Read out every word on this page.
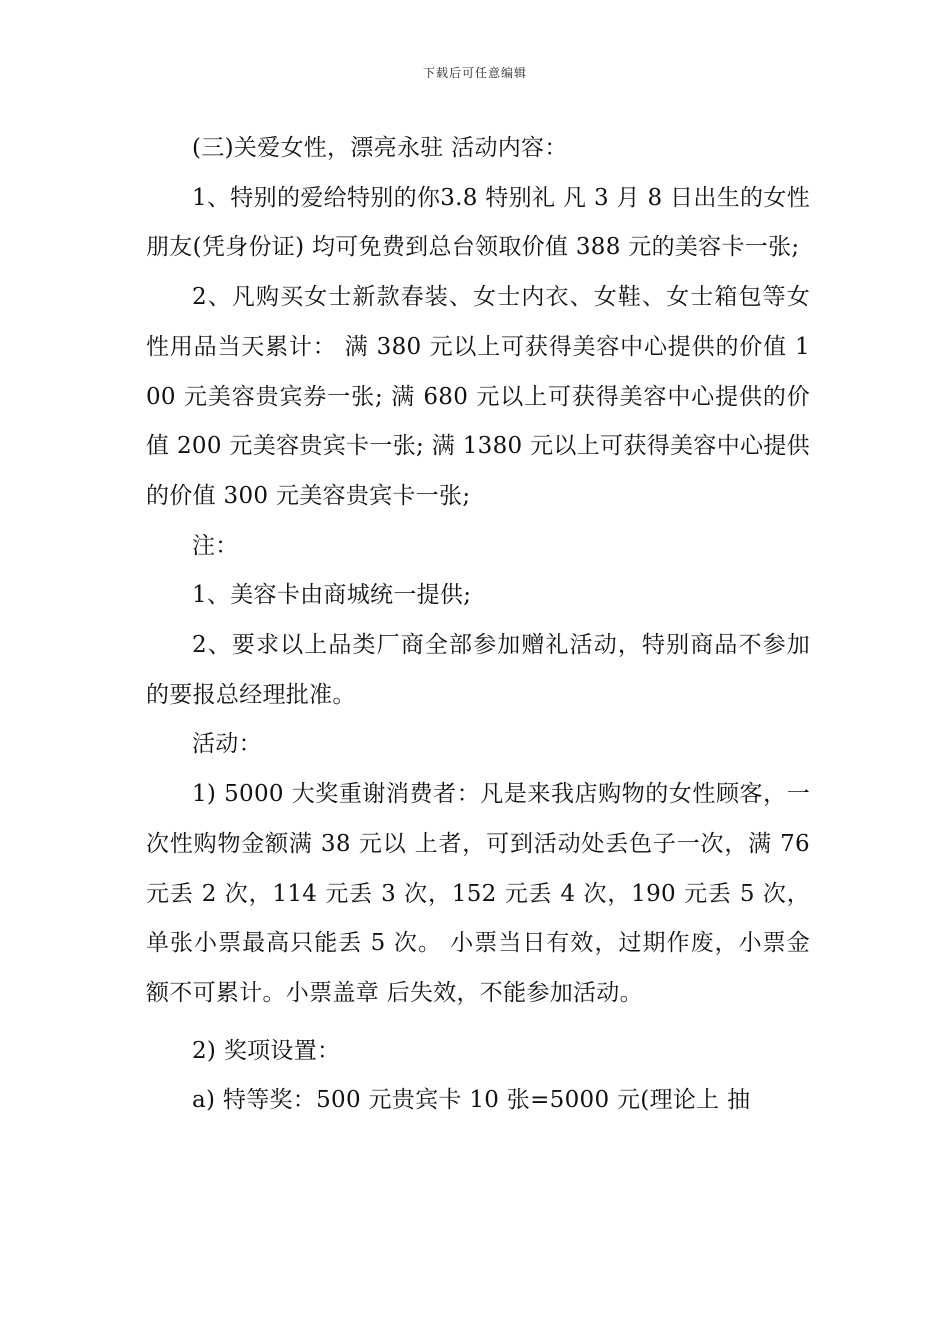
下载后可任意编辑

(三)关爱女性，漂亮永驻 活动内容：

1、特别的爱给特别的你3.8 特别礼 凡 3 月 8 日出生的女性朋友(凭身份证) 均可免费到总台领取价值 388 元的美容卡一张;

2、凡购买女士新款春装、女士内衣、女鞋、女士箱包等女性用品当天累计： 满 380 元以上可获得美容中心提供的价值 100 元美容贵宾券一张; 满 680 元以上可获得美容中心提供的价值 200 元美容贵宾卡一张; 满 1380 元以上可获得美容中心提供的价值 300 元美容贵宾卡一张;

注：

1、美容卡由商城统一提供;

2、要求以上品类厂商全部参加赠礼活动，特别商品不参加的要报总经理批准。

活动：

1) 5000 大奖重谢消费者：凡是来我店购物的女性顾客，一次性购物金额满 38 元以 上者，可到活动处丢色子一次，满 76 元丢 2 次，114 元丢 3 次，152 元丢 4 次，190 元丢 5 次，单张小票最高只能丢 5 次。 小票当日有效，过期作废，小票金额不可累计。小票盖章 后失效，不能参加活动。

2) 奖项设置：

a) 特等奖：500 元贵宾卡 10 张=5000 元(理论上 抽
